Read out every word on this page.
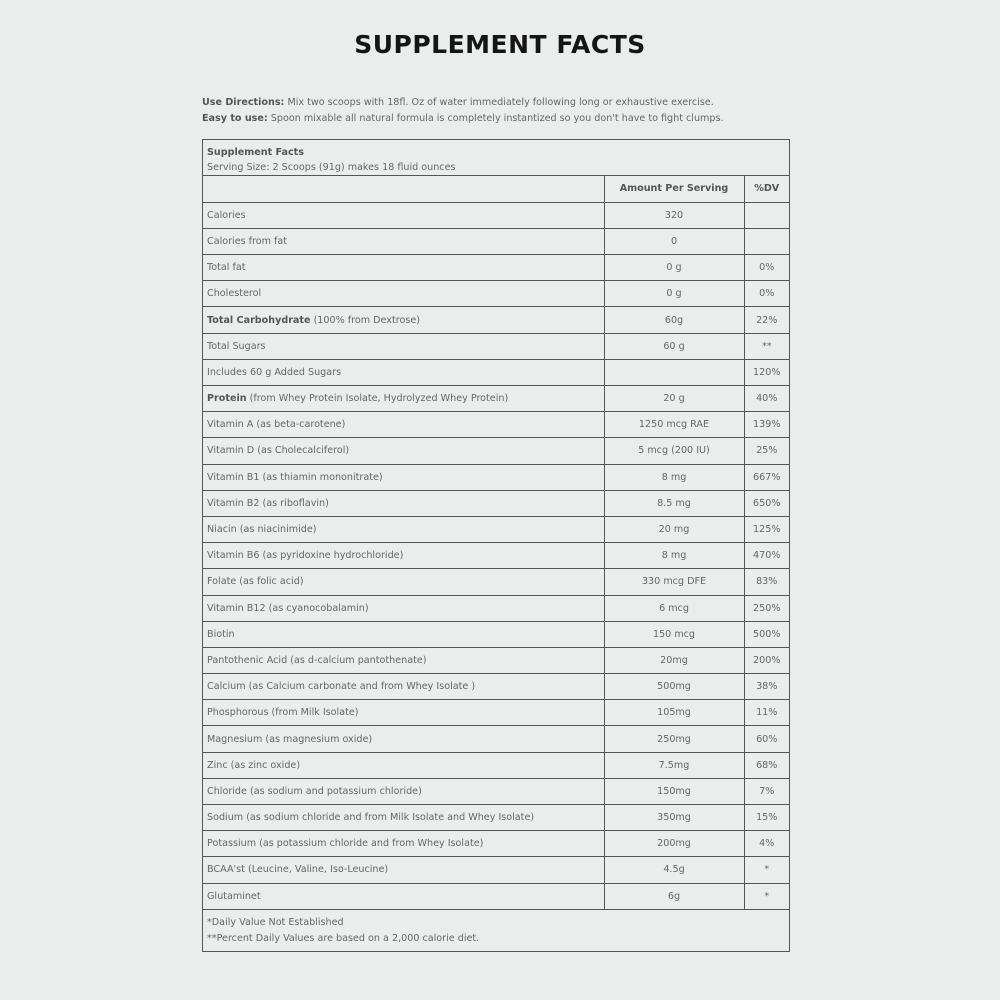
SUPPLEMENT FACTS
Use Directions: Mix two scoops with 18fl. Oz of water immediately following long or exhaustive exercise.
Easy to use: Spoon mixable all natural formula is completely instantized so you don't have to fight clumps.
Supplement Facts
Serving Size: 2 Scoops (91g) makes 18 fluid ounces
	Amount Per Serving	%DV
Calories	320	
Calories from fat	0	
Total fat	0 g	0%
Cholesterol	0 g	0%
Total Carbohydrate (100% from Dextrose)	60g	22%
Total Sugars	60 g	**
Includes 60 g Added Sugars		120%
Protein (from Whey Protein Isolate, Hydrolyzed Whey Protein)	20 g	40%
Vitamin A (as beta-carotene)	1250 mcg RAE	139%
Vitamin D (as Cholecalciferol)	5 mcg (200 IU)	25%
Vitamin B1 (as thiamin mononitrate)	8 mg	667%
Vitamin B2 (as riboflavin)	8.5 mg	650%
Niacin (as niacinimide)	20 mg	125%
Vitamin B6 (as pyridoxine hydrochloride)	8 mg	470%
Folate (as folic acid)	330 mcg DFE	83%
Vitamin B12 (as cyanocobalamin)	6 mcg	250%
Biotin	150 mcg	500%
Pantothenic Acid (as d-calcium pantothenate)	20mg	200%
Calcium (as Calcium carbonate and from Whey Isolate )	500mg	38%
Phosphorous (from Milk Isolate)	105mg	11%
Magnesium (as magnesium oxide)	250mg	60%
Zinc (as zinc oxide)	7.5mg	68%
Chloride (as sodium and potassium chloride)	150mg	7%
Sodium (as sodium chloride and from Milk Isolate and Whey Isolate)	350mg	15%
Potassium (as potassium chloride and from Whey Isolate)	200mg	4%
BCAA'st (Leucine, Valine, Iso-Leucine)	4.5g	*
Glutaminet	6g	*
*Daily Value Not Established
**Percent Daily Values are based on a 2,000 calorie diet.
